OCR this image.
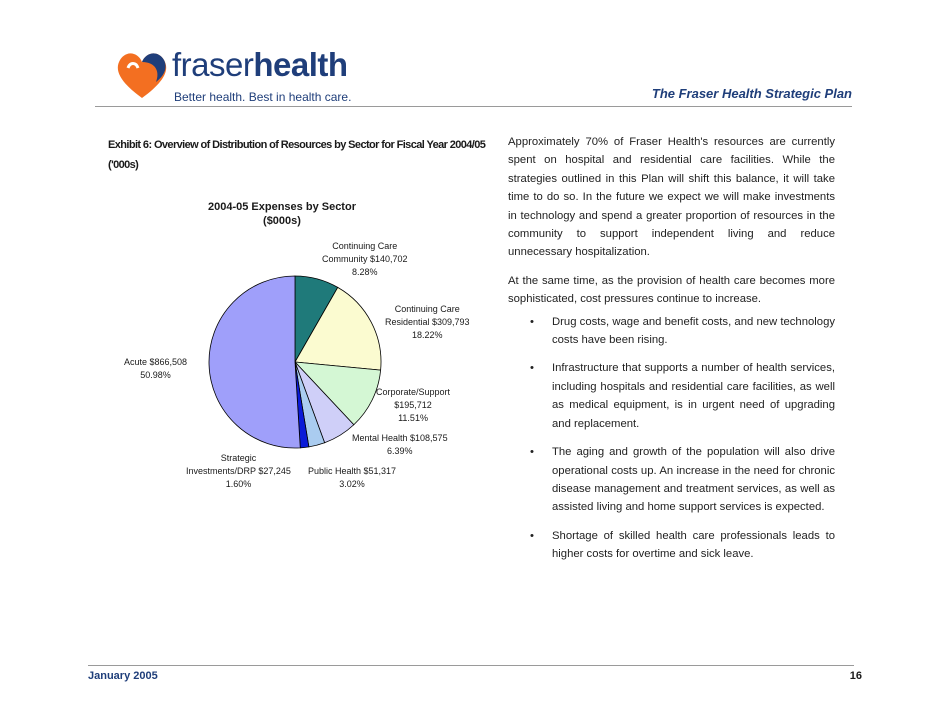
fraserhealth
Better health. Best in health care.	The Fraser Health Strategic Plan
Exhibit 6: Overview of Distribution of Resources by Sector for Fiscal Year 2004/05 ('000s)
2004-05 Expenses by Sector
($000s)
Continuing Care
Community $140,702
8.28%
Continuing Care
Residential $309,793
18.22%
Corporate/Support
$195,712
11.51%
Mental Health $108,575
6.39%
Public Health $51,317
3.02%
Strategic
Investments/DRP $27,245
1.60%
Acute $866,508
50.98%

Approximately 70% of Fraser Health's resources are currently spent on hospital and residential care facilities. While the strategies outlined in this Plan will shift this balance, it will take time to do so. In the future we expect we will make investments in technology and spend a greater proportion of resources in the community to support independent living and reduce unnecessary hospitalization.

At the same time, as the provision of health care becomes more sophisticated, cost pressures continue to increase.

•	Drug costs, wage and benefit costs, and new technology costs have been rising.
•	Infrastructure that supports a number of health services, including hospitals and residential care facilities, as well as medical equipment, is in urgent need of upgrading and replacement.
•	The aging and growth of the population will also drive operational costs up. An increase in the need for chronic disease management and treatment services, as well as assisted living and home support services is expected.
•	Shortage of skilled health care professionals leads to higher costs for overtime and sick leave.
January 2005	16
